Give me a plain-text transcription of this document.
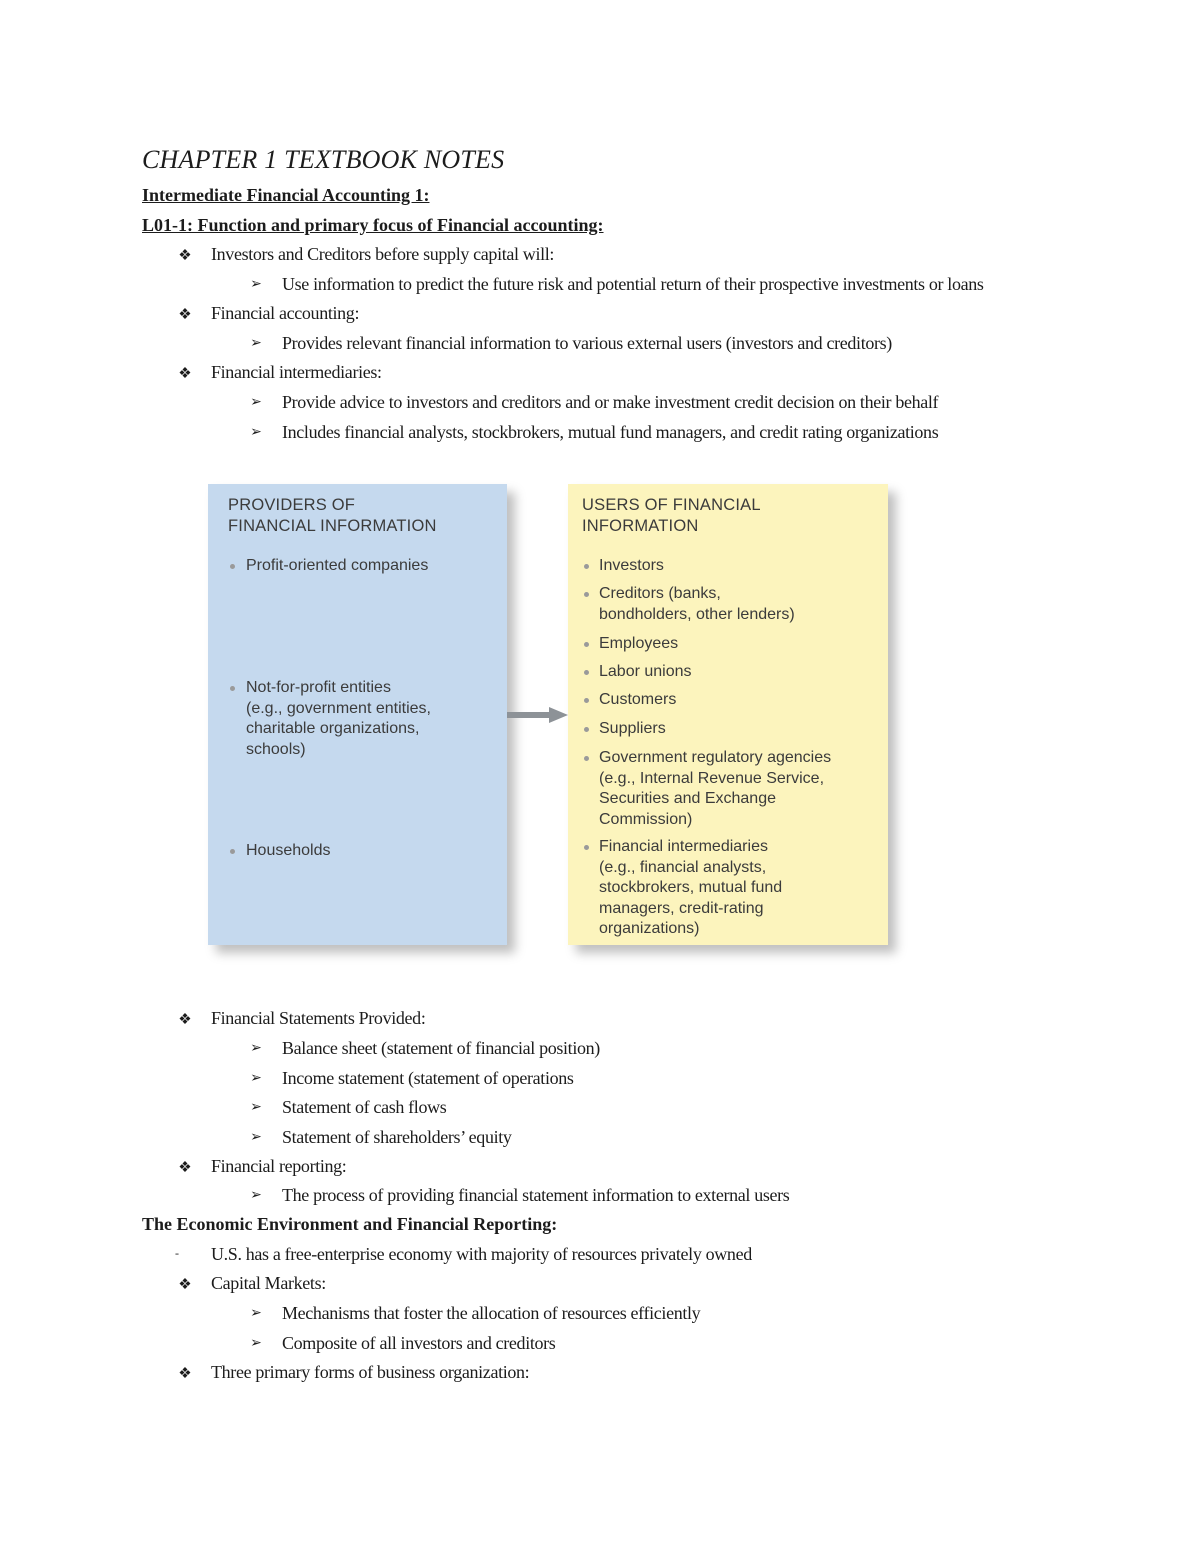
CHAPTER 1 TEXTBOOK NOTES
Intermediate Financial Accounting 1:
L01-1: Function and primary focus of Financial accounting:
❖ Investors and Creditors before supply capital will:
➢ Use information to predict the future risk and potential return of their prospective investments or loans
❖ Financial accounting:
➢ Provides relevant financial information to various external users (investors and creditors)
❖ Financial intermediaries:
➢ Provide advice to investors and creditors and or make investment credit decision on their behalf
➢ Includes financial analysts, stockbrokers, mutual fund managers, and credit rating organizations
PROVIDERS OF
FINANCIAL INFORMATION
Profit-oriented companies
Not-for-profit entities
(e.g., government entities,
charitable organizations,
schools)
Households
USERS OF FINANCIAL
INFORMATION
Investors
Creditors (banks,
bondholders, other lenders)
Employees
Labor unions
Customers
Suppliers
Government regulatory agencies
(e.g., Internal Revenue Service,
Securities and Exchange
Commission)
Financial intermediaries
(e.g., financial analysts,
stockbrokers, mutual fund
managers, credit-rating
organizations)
❖ Financial Statements Provided:
➢ Balance sheet (statement of financial position)
➢ Income statement (statement of operations
➢ Statement of cash flows
➢ Statement of shareholders’ equity
❖ Financial reporting:
➢ The process of providing financial statement information to external users
The Economic Environment and Financial Reporting:
-	U.S. has a free-enterprise economy with majority of resources privately owned
❖ Capital Markets:
➢ Mechanisms that foster the allocation of resources efficiently
➢ Composite of all investors and creditors
❖ Three primary forms of business organization:
